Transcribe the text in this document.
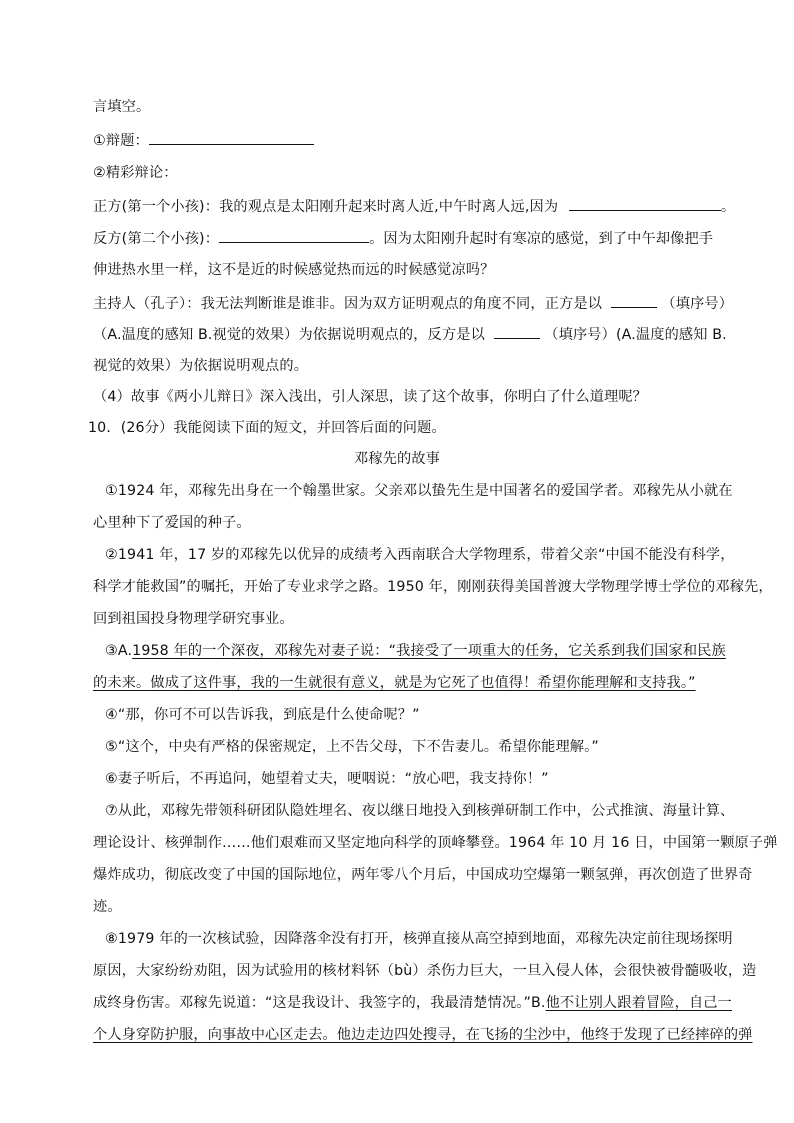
言填空。
①辩题：
②精彩辩论：
正方(第一个小孩)：我的观点是太阳刚升起来时离人近,中午时离人远,因为	。
反方(第二个小孩)：	。因为太阳刚升起时有寒凉的感觉，到了中午却像把手
伸进热水里一样，这不是近的时候感觉热而远的时候感觉凉吗？
主持人（孔子）：我无法判断谁是谁非。因为双方证明观点的角度不同，正方是以	（填序号）
（A.温度的感知 B.视觉的效果）为依据说明观点的，反方是以	（填序号）(A.温度的感知 B.
视觉的效果）为依据说明观点的。
（4）故事《两小儿辩日》深入浅出，引人深思，读了这个故事，你明白了什么道理呢？
10．(26分）我能阅读下面的短文，并回答后面的问题。
邓稼先的故事
①1924 年，邓稼先出身在一个翰墨世家。父亲邓以蛰先生是中国著名的爱国学者。邓稼先从小就在
心里种下了爱国的种子。
②1941 年，17 岁的邓稼先以优异的成绩考入西南联合大学物理系，带着父亲“中国不能没有科学，
科学才能救国”的嘱托，开始了专业求学之路。1950 年，刚刚获得美国普渡大学物理学博士学位的邓稼先，
回到祖国投身物理学研究事业。
③A.1958 年的一个深夜，邓稼先对妻子说：“我接受了一项重大的任务，它关系到我们国家和民族
的未来。做成了这件事，我的一生就很有意义，就是为它死了也值得！希望你能理解和支持我。”
④“那，你可不可以告诉我，到底是什么使命呢？”
⑤“这个，中央有严格的保密规定，上不告父母，下不告妻儿。希望你能理解。”
⑥妻子听后，不再追问，她望着丈夫，哽咽说：“放心吧，我支持你！”
⑦从此，邓稼先带领科研团队隐姓埋名、夜以继日地投入到核弹研制工作中，公式推演、海量计算、
理论设计、核弹制作……他们艰难而又坚定地向科学的顶峰攀登。1964 年 10 月 16 日，中国第一颗原子弹
爆炸成功，彻底改变了中国的国际地位，两年零八个月后，中国成功空爆第一颗氢弹，再次创造了世界奇
迹。
⑧1979 年的一次核试验，因降落伞没有打开，核弹直接从高空掉到地面，邓稼先决定前往现场探明
原因，大家纷纷劝阻，因为试验用的核材料钚（bù）杀伤力巨大，一旦入侵人体，会很快被骨髓吸收，造
成终身伤害。邓稼先说道：“这是我设计、我签字的，我最清楚情况。”B.他不让别人跟着冒险，自己一
个人身穿防护服，向事故中心区走去。他边走边四处搜寻，在飞扬的尘沙中，他终于发现了已经摔碎的弹
